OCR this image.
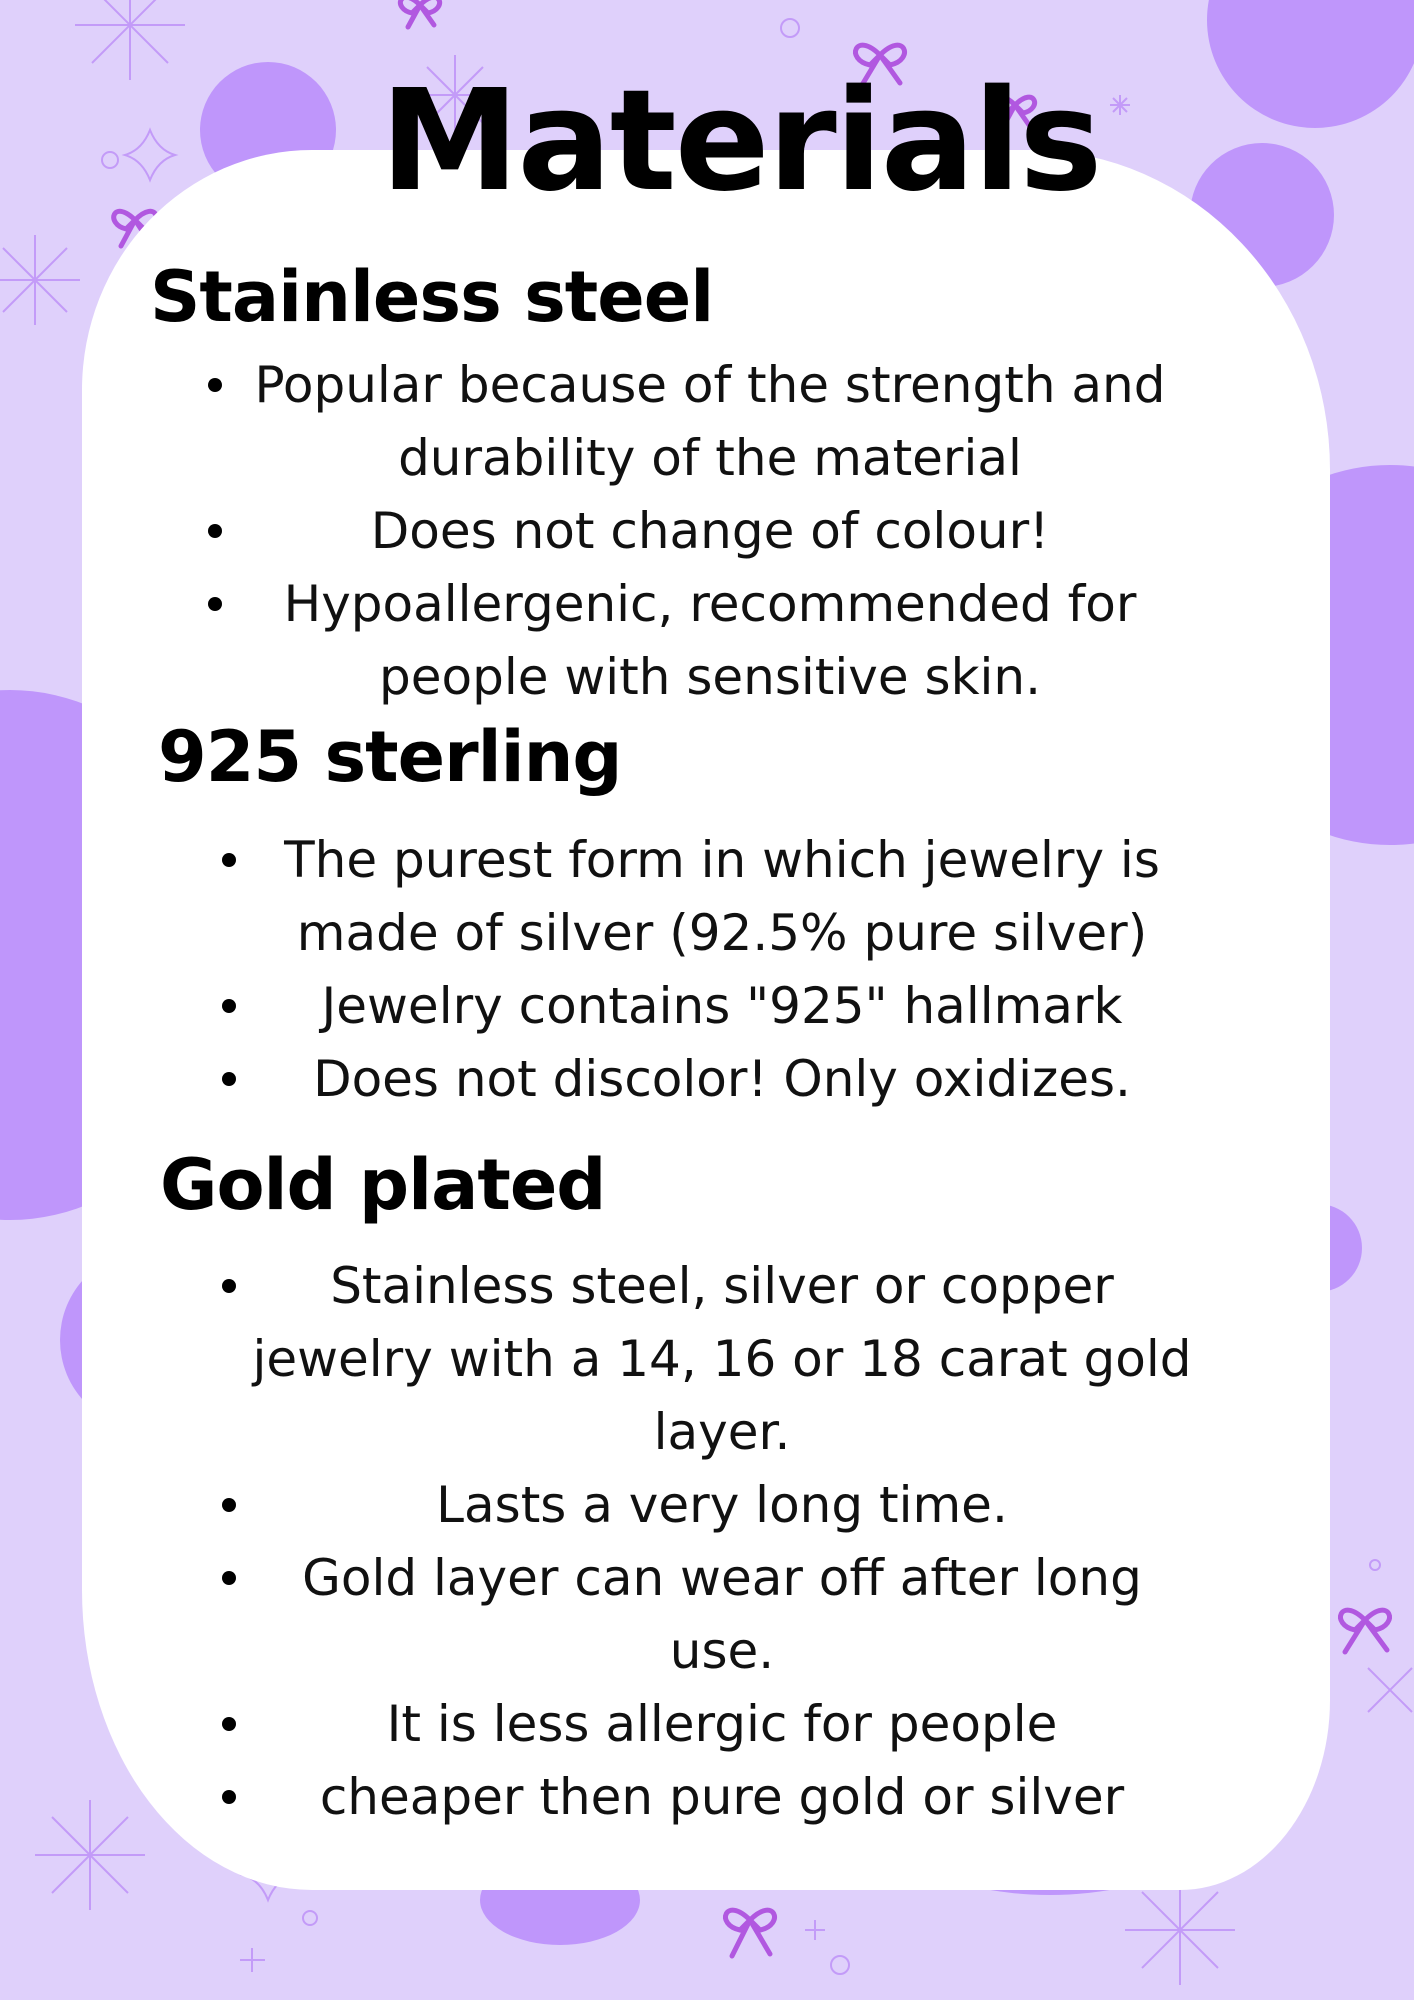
Materials
Stainless steel
Popular because of the strength and
durability of the material
Does not change of colour!
Hypoallergenic, recommended for
people with sensitive skin.
925 sterling
The purest form in which jewelry is
made of silver (92.5% pure silver)
Jewelry contains "925" hallmark
Does not discolor! Only oxidizes.
Gold plated
Stainless steel, silver or copper
jewelry with a 14, 16 or 18 carat gold
layer.
Lasts a very long time.
Gold layer can wear off after long
use.
It is less allergic for people
cheaper then pure gold or silver
